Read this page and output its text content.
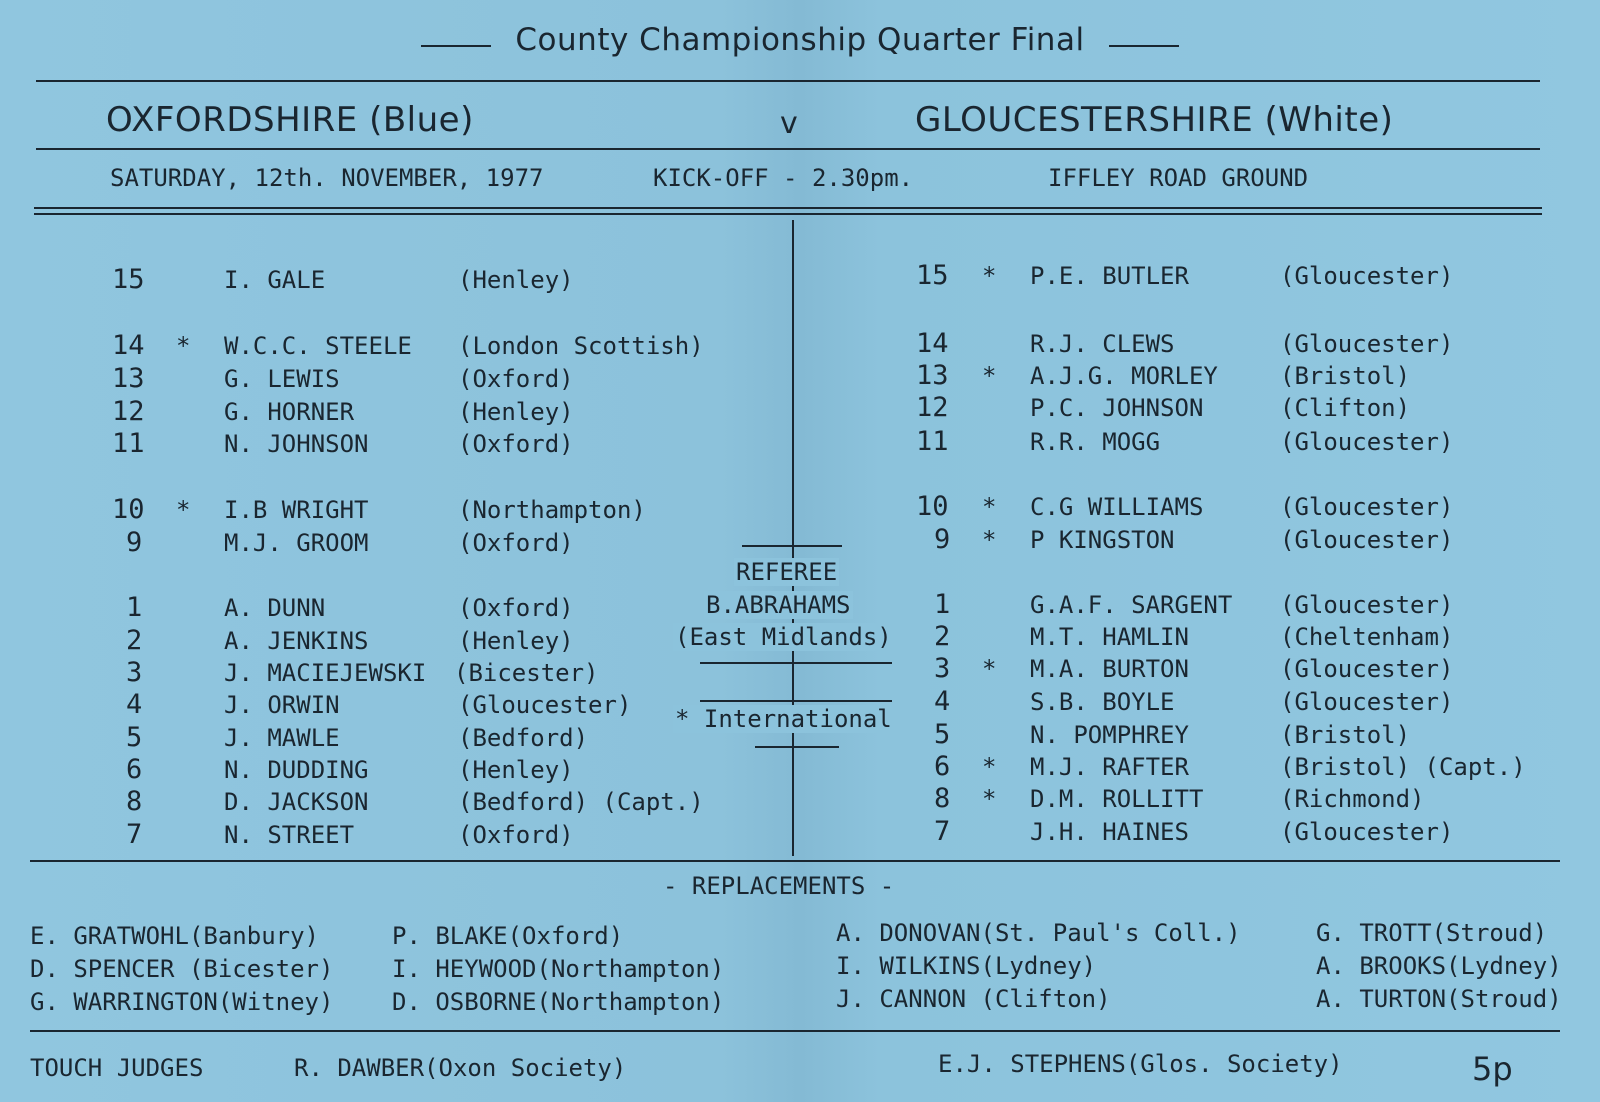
County Championship Quarter Final
OXFORDSHIRE (Blue)	v	GLOUCESTERSHIRE (White)
SATURDAY, 12th. NOVEMBER, 1977	KICK-OFF - 2.30pm.	IFFLEY ROAD GROUND
REFEREE
B.ABRAHAMS
(East Midlands)
* International
15	I. GALE	(Henley)
14 * W.C.C. STEELE (London Scottish)
13	G. LEWIS	(Oxford)
12	G. HORNER	(Henley)
11	N. JOHNSON	(Oxford)
10 * I.B WRIGHT	(Northampton)
9	M.J. GROOM	(Oxford)
1	A. DUNN	(Oxford)
2	A. JENKINS	(Henley)
3	J. MACIEJEWSKI (Bicester)
4	J. ORWIN	(Gloucester)
5	J. MAWLE	(Bedford)
6	N. DUDDING	(Henley)
8	D. JACKSON	(Bedford) (Capt.)
7	N. STREET	(Oxford)
15 * P.E. BUTLER	(Gloucester)
14	R.J. CLEWS	(Gloucester)
13 * A.J.G. MORLEY	(Bristol)
12	P.C. JOHNSON	(Clifton)
11	R.R. MOGG	(Gloucester)
10 * C.G WILLIAMS	(Gloucester)
9 * P KINGSTON	(Gloucester)
1	G.A.F. SARGENT (Gloucester)
2	M.T. HAMLIN	(Cheltenham)
3 * M.A. BURTON	(Gloucester)
4	S.B. BOYLE	(Gloucester)
5	N. POMPHREY	(Bristol)
6 * M.J. RAFTER	(Bristol) (Capt.)
8 * D.M. ROLLITT	(Richmond)
7	J.H. HAINES	(Gloucester)
- REPLACEMENTS -
E. GRATWOHL(Banbury)
D. SPENCER (Bicester)
G. WARRINGTON(Witney)
P. BLAKE(Oxford)
I. HEYWOOD(Northampton)
D. OSBORNE(Northampton)
A. DONOVAN(St. Paul's Coll.)
I. WILKINS(Lydney)
J. CANNON (Clifton)
G. TROTT(Stroud)
A. BROOKS(Lydney)
A. TURTON(Stroud)
TOUCH JUDGES	R. DAWBER(Oxon Society)	E.J. STEPHENS(Glos. Society)	5p
